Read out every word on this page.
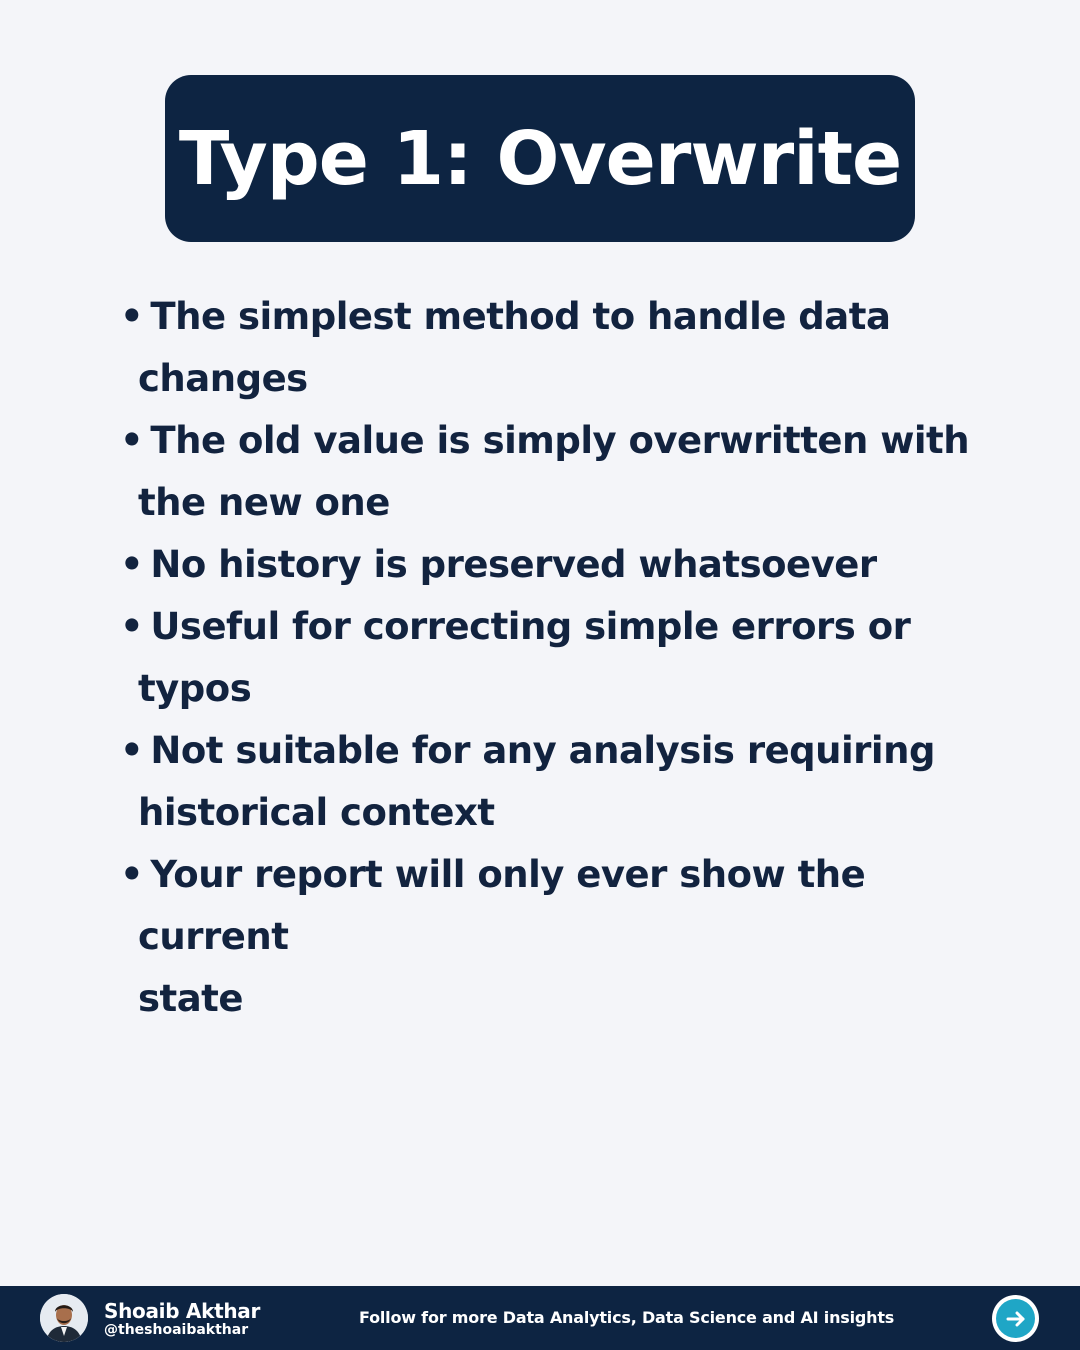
Type 1: Overwrite
• The simplest method to handle data
changes
• The old value is simply overwritten with
the new one
• No history is preserved whatsoever
• Useful for correcting simple errors or
typos
• Not suitable for any analysis requiring
historical context
• Your report will only ever show the current
state
Shoaib Akthar
@theshoaibakthar
Follow for more Data Analytics, Data Science and AI insights
